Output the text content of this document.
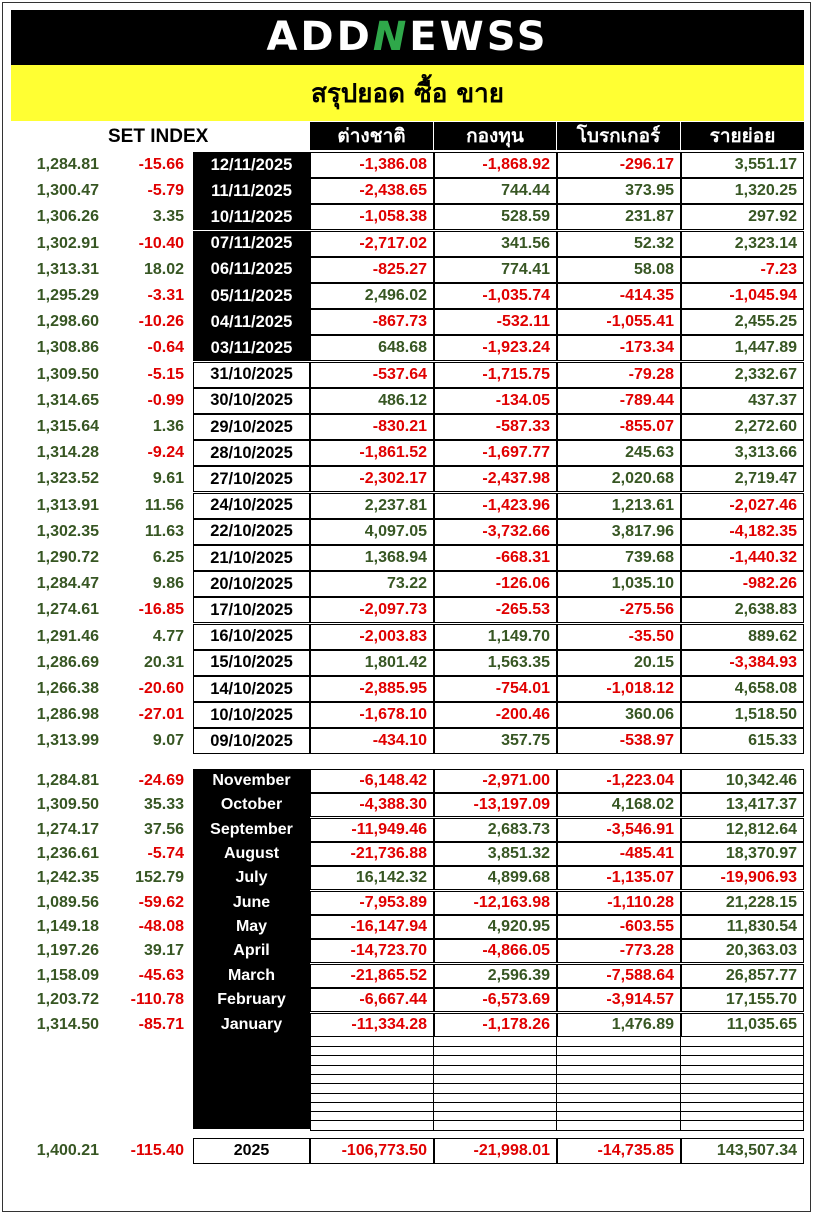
ADDNEWSS
สรุปยอด ซื้อ ขาย
SET INDEX	ต่างชาติ	กองทุน	โบรกเกอร์	รายย่อย
1,284.81	-15.66	12/11/2025	-1,386.08	-1,868.92	-296.17	3,551.17
1,300.47	-5.79	11/11/2025	-2,438.65	744.44	373.95	1,320.25
1,306.26	3.35	10/11/2025	-1,058.38	528.59	231.87	297.92
1,302.91	-10.40	07/11/2025	-2,717.02	341.56	52.32	2,323.14
1,313.31	18.02	06/11/2025	-825.27	774.41	58.08	-7.23
1,295.29	-3.31	05/11/2025	2,496.02	-1,035.74	-414.35	-1,045.94
1,298.60	-10.26	04/11/2025	-867.73	-532.11	-1,055.41	2,455.25
1,308.86	-0.64	03/11/2025	648.68	-1,923.24	-173.34	1,447.89
1,309.50	-5.15	31/10/2025	-537.64	-1,715.75	-79.28	2,332.67
1,314.65	-0.99	30/10/2025	486.12	-134.05	-789.44	437.37
1,315.64	1.36	29/10/2025	-830.21	-587.33	-855.07	2,272.60
1,314.28	-9.24	28/10/2025	-1,861.52	-1,697.77	245.63	3,313.66
1,323.52	9.61	27/10/2025	-2,302.17	-2,437.98	2,020.68	2,719.47
1,313.91	11.56	24/10/2025	2,237.81	-1,423.96	1,213.61	-2,027.46
1,302.35	11.63	22/10/2025	4,097.05	-3,732.66	3,817.96	-4,182.35
1,290.72	6.25	21/10/2025	1,368.94	-668.31	739.68	-1,440.32
1,284.47	9.86	20/10/2025	73.22	-126.06	1,035.10	-982.26
1,274.61	-16.85	17/10/2025	-2,097.73	-265.53	-275.56	2,638.83
1,291.46	4.77	16/10/2025	-2,003.83	1,149.70	-35.50	889.62
1,286.69	20.31	15/10/2025	1,801.42	1,563.35	20.15	-3,384.93
1,266.38	-20.60	14/10/2025	-2,885.95	-754.01	-1,018.12	4,658.08
1,286.98	-27.01	10/10/2025	-1,678.10	-200.46	360.06	1,518.50
1,313.99	9.07	09/10/2025	-434.10	357.75	-538.97	615.33
1,284.81	-24.69	November	-6,148.42	-2,971.00	-1,223.04	10,342.46
1,309.50	35.33	October	-4,388.30	-13,197.09	4,168.02	13,417.37
1,274.17	37.56	September	-11,949.46	2,683.73	-3,546.91	12,812.64
1,236.61	-5.74	August	-21,736.88	3,851.32	-485.41	18,370.97
1,242.35	152.79	July	16,142.32	4,899.68	-1,135.07	-19,906.93
1,089.56	-59.62	June	-7,953.89	-12,163.98	-1,110.28	21,228.15
1,149.18	-48.08	May	-16,147.94	4,920.95	-603.55	11,830.54
1,197.26	39.17	April	-14,723.70	-4,866.05	-773.28	20,363.03
1,158.09	-45.63	March	-21,865.52	2,596.39	-7,588.64	26,857.77
1,203.72	-110.78	February	-6,667.44	-6,573.69	-3,914.57	17,155.70
1,314.50	-85.71	January	-11,334.28	-1,178.26	1,476.89	11,035.65
1,400.21	-115.40	2025	-106,773.50	-21,998.01	-14,735.85	143,507.34
